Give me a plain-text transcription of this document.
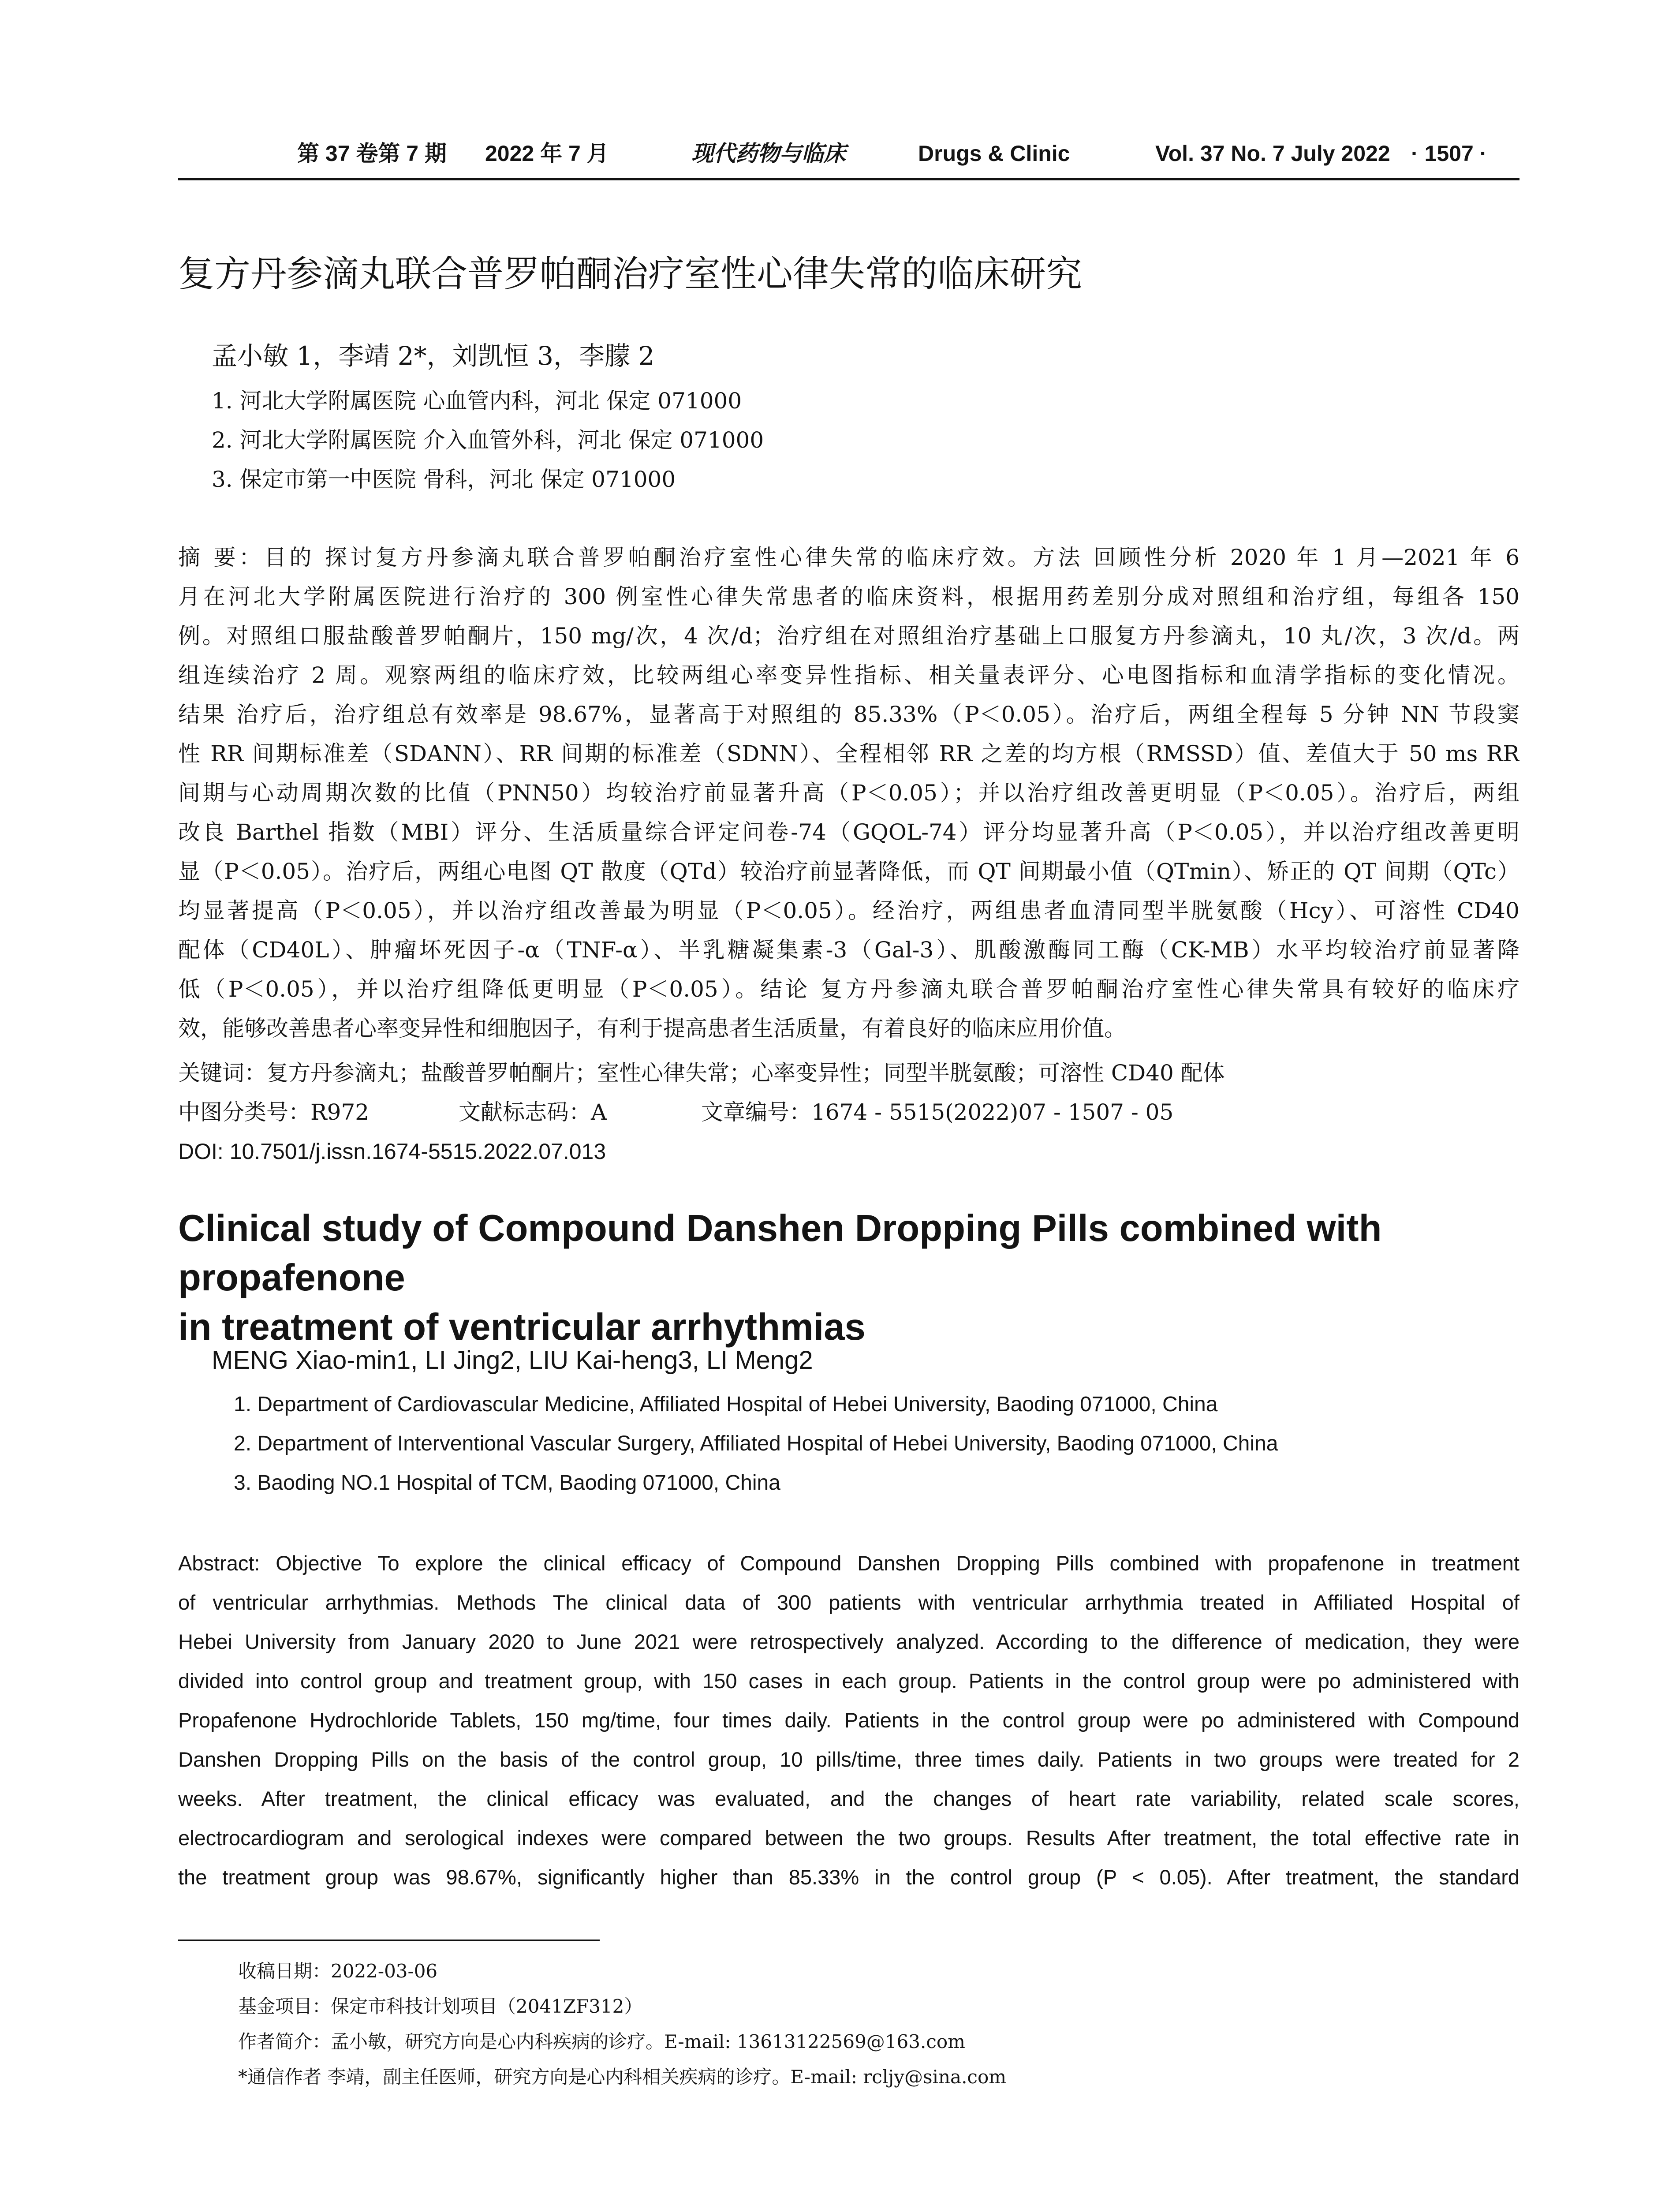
第 37 卷第 7 期 2022 年 7 月	现代药物与临床	Drugs & Clinic	Vol. 37 No. 7 July 2022 · 1507 ·
复方丹参滴丸联合普罗帕酮治疗室性心律失常的临床研究
孟小敏 1，李靖 2*，刘凯恒 3，李朦 2
1. 河北大学附属医院 心血管内科，河北 保定 071000
2. 河北大学附属医院 介入血管外科，河北 保定 071000
3. 保定市第一中医院 骨科，河北 保定 071000
摘 要：目的 探讨复方丹参滴丸联合普罗帕酮治疗室性心律失常的临床疗效。方法 回顾性分析 2020 年 1 月—2021 年 6
月在河北大学附属医院进行治疗的 300 例室性心律失常患者的临床资料，根据用药差别分成对照组和治疗组，每组各 150
例。对照组口服盐酸普罗帕酮片，150 mg/次，4 次/d；治疗组在对照组治疗基础上口服复方丹参滴丸，10 丸/次，3 次/d。两
组连续治疗 2 周。观察两组的临床疗效，比较两组心率变异性指标、相关量表评分、心电图指标和血清学指标的变化情况。
结果 治疗后，治疗组总有效率是 98.67%，显著高于对照组的 85.33%（P＜0.05）。治疗后，两组全程每 5 分钟 NN 节段窦
性 RR 间期标准差（SDANN）、RR 间期的标准差（SDNN）、全程相邻 RR 之差的均方根（RMSSD）值、差值大于 50 ms RR
间期与心动周期次数的比值（PNN50）均较治疗前显著升高（P＜0.05）；并以治疗组改善更明显（P＜0.05）。治疗后，两组
改良 Barthel 指数（MBI）评分、生活质量综合评定问卷-74（GQOL-74）评分均显著升高（P＜0.05），并以治疗组改善更明
显（P＜0.05）。治疗后，两组心电图 QT 散度（QTd）较治疗前显著降低，而 QT 间期最小值（QTmin）、矫正的 QT 间期（QTc）
均显著提高（P＜0.05），并以治疗组改善最为明显（P＜0.05）。经治疗，两组患者血清同型半胱氨酸（Hcy）、可溶性 CD40
配体（CD40L）、肿瘤坏死因子-α（TNF-α）、半乳糖凝集素-3（Gal-3）、肌酸激酶同工酶（CK-MB）水平均较治疗前显著降
低（P＜0.05），并以治疗组降低更明显（P＜0.05）。结论 复方丹参滴丸联合普罗帕酮治疗室性心律失常具有较好的临床疗
效，能够改善患者心率变异性和细胞因子，有利于提高患者生活质量，有着良好的临床应用价值。
关键词：复方丹参滴丸；盐酸普罗帕酮片；室性心律失常；心率变异性；同型半胱氨酸；可溶性 CD40 配体
中图分类号：R972	文献标志码：A	文章编号：1674 - 5515(2022)07 - 1507 - 05
DOI: 10.7501/j.issn.1674-5515.2022.07.013
Clinical study of Compound Danshen Dropping Pills combined with propafenone
in treatment of ventricular arrhythmias
MENG Xiao-min1, LI Jing2, LIU Kai-heng3, LI Meng2
1. Department of Cardiovascular Medicine, Affiliated Hospital of Hebei University, Baoding 071000, China
2. Department of Interventional Vascular Surgery, Affiliated Hospital of Hebei University, Baoding 071000, China
3. Baoding NO.1 Hospital of TCM, Baoding 071000, China
Abstract: Objective To explore the clinical efficacy of Compound Danshen Dropping Pills combined with propafenone in treatment
of ventricular arrhythmias. Methods The clinical data of 300 patients with ventricular arrhythmia treated in Affiliated Hospital of
Hebei University from January 2020 to June 2021 were retrospectively analyzed. According to the difference of medication, they were
divided into control group and treatment group, with 150 cases in each group. Patients in the control group were po administered with
Propafenone Hydrochloride Tablets, 150 mg/time, four times daily. Patients in the control group were po administered with Compound
Danshen Dropping Pills on the basis of the control group, 10 pills/time, three times daily. Patients in two groups were treated for 2
weeks. After treatment, the clinical efficacy was evaluated, and the changes of heart rate variability, related scale scores,
electrocardiogram and serological indexes were compared between the two groups. Results After treatment, the total effective rate in
the treatment group was 98.67%, significantly higher than 85.33% in the control group (P < 0.05). After treatment, the standard
收稿日期：2022-03-06
基金项目：保定市科技计划项目（2041ZF312）
作者简介：孟小敏，研究方向是心内科疾病的诊疗。E-mail: 13613122569@163.com
*通信作者 李靖，副主任医师，研究方向是心内科相关疾病的诊疗。E-mail: rcljy@sina.com
